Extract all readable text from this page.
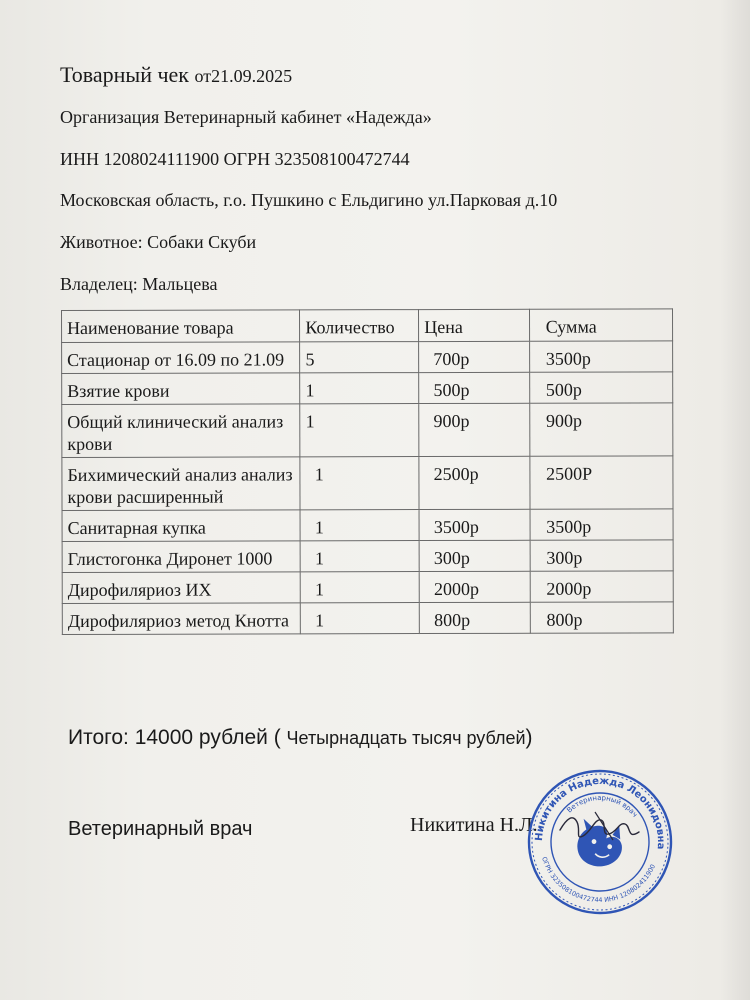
Товарный чек от21.09.2025
Организация Ветеринарный кабинет «Надежда»
ИНН 1208024111900 ОГРН 323508100472744
Московская область, г.о. Пушкино с Ельдигино ул.Парковая д.10
Животное: Собаки Скуби
Владелец: Мальцева
Наименование товара	Количество	Цена	Сумма
Стационар от 16.09 по 21.09	5	700р	3500р
Взятие крови	1	500р	500р
Общий клинический анализ крови	1	900р	900р
Бихимический анализ анализ крови расширенный	1	2500р	2500Р
Санитарная купка	1	3500р	3500р
Глистогонка Диронет 1000	1	300р	300р
Дирофиляриоз ИХ	1	2000р	2000р
Дирофиляриоз метод Кнотта	1	800р	800р
Итого: 14000 рублей ( Четырнадцать тысяч рублей)
Ветеринарный врач	Никитина Н.Л.
Никитина Надежда Леонидовна
ОГРН 323508100472744 ИНН 120802411900
Ветеринарный врач
